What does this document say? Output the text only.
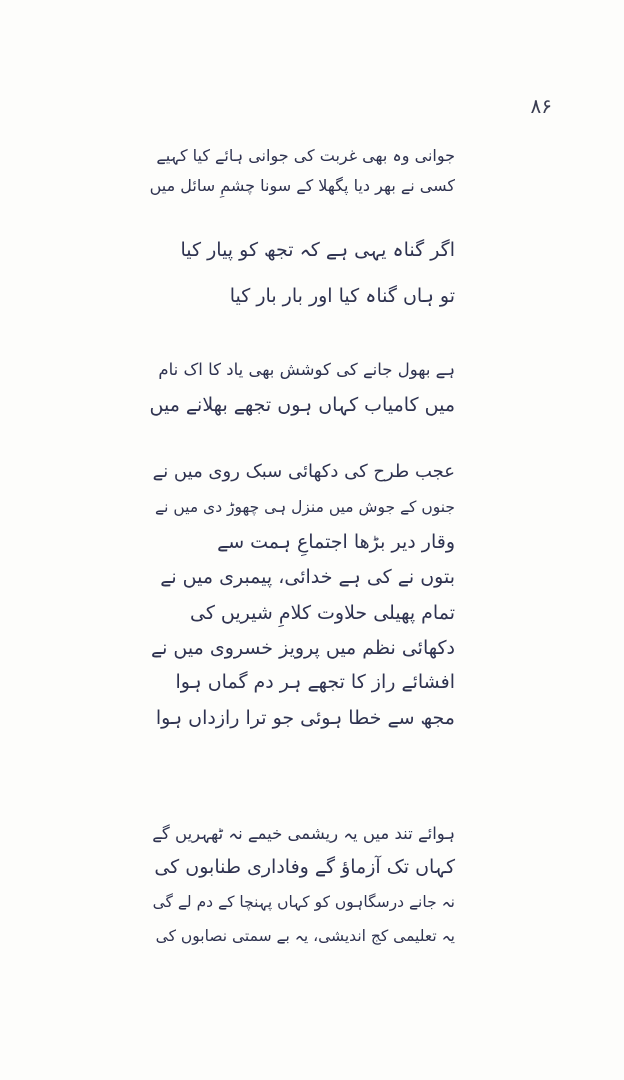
۸۶
جوانی وہ بھی غربت کی جوانی ہائے کیا کہیے
کسی نے بھر دیا پگھلا کے سونا چشمِ سائل میں
اگر گناہ یہی ہے کہ تجھ کو پیار کیا
تو ہاں گناہ کیا اور بار بار کیا
ہے بھول جانے کی کوشش بھی یاد کا اک نام
میں کامیاب کہاں ہوں تجھے بھلانے میں
عجب طرح کی دکھائی سبک روی میں نے
جنوں کے جوش میں منزل ہی چھوڑ دی میں نے
وقار دیر بڑھا اجتماعِ ہمت سے
بتوں نے کی ہے خدائی، پیمبری میں نے
تمام پھیلی حلاوت کلامِ شیریں کی
دکھائی نظم میں پرویز خسروی میں نے
افشائے راز کا تجھے ہر دم گماں ہوا
مجھ سے خطا ہوئی جو ترا رازداں ہوا
ہوائے تند میں یہ ریشمی خیمے نہ ٹھہریں گے
کہاں تک آزماؤ گے وفاداری طنابوں کی
نہ جانے درسگاہوں کو کہاں پہنچا کے دم لے گی
یہ تعلیمی کج اندیشی، یہ بے سمتی نصابوں کی
